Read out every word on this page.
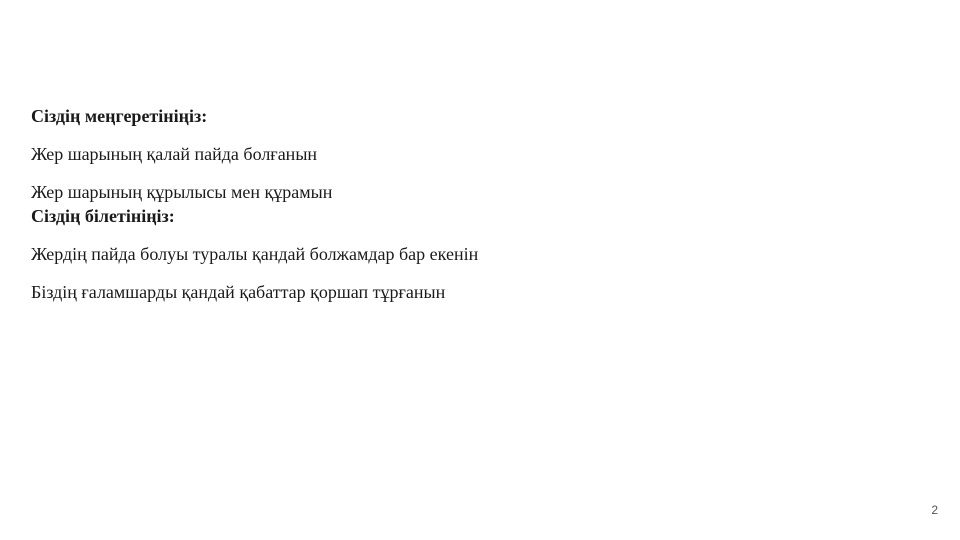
Сіздің меңгеретініңіз:
Жер шарының қалай пайда болғанын
Жер шарының құрылысы мен құрамын
Сіздің білетініңіз:
Жердің пайда болуы туралы қандай болжамдар бар екенін
Біздің ғаламшарды қандай қабаттар қоршап тұрғанын
2
